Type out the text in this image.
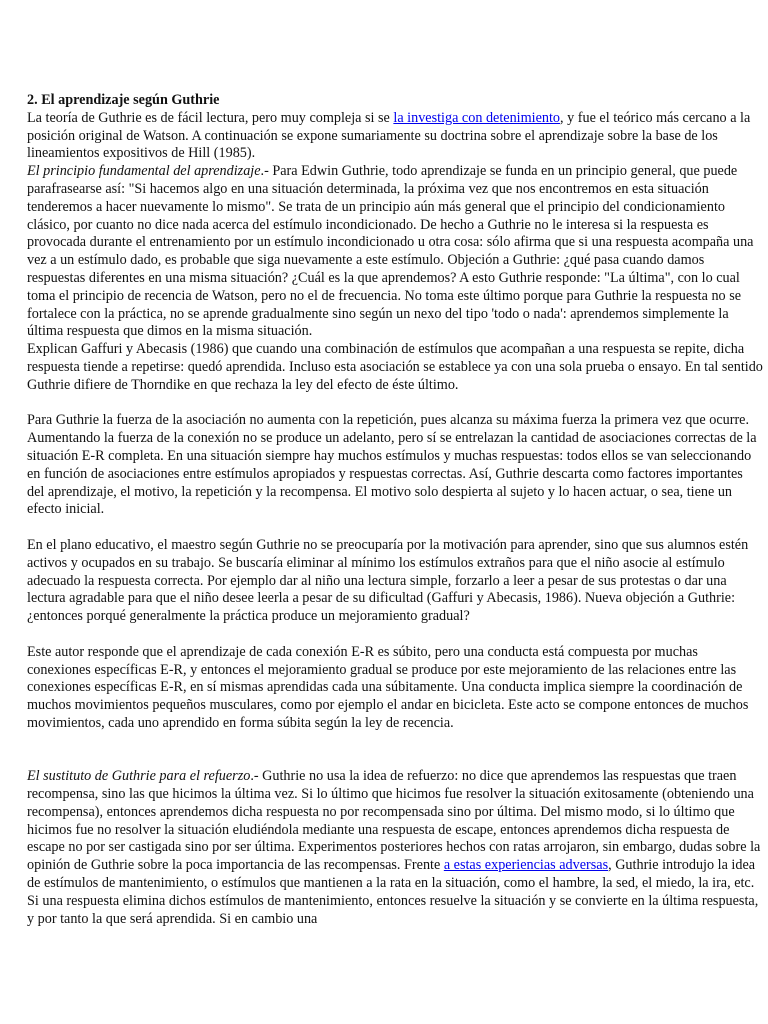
2. El aprendizaje según Guthrie

La teoría de Guthrie es de fácil lectura, pero muy compleja si se la investiga con detenimiento, y fue el teórico más cercano a la posición original de Watson. A continuación se expone sumariamente su doctrina sobre el aprendizaje sobre la base de los lineamientos expositivos de Hill (1985).

El principio fundamental del aprendizaje.- Para Edwin Guthrie, todo aprendizaje se funda en un principio general, que puede parafrasearse así: "Si hacemos algo en una situación determinada, la próxima vez que nos encontremos en esta situación tenderemos a hacer nuevamente lo mismo". Se trata de un principio aún más general que el principio del condicionamiento clásico, por cuanto no dice nada acerca del estímulo incondicionado. De hecho a Guthrie no le interesa si la respuesta es provocada durante el entrenamiento por un estímulo incondicionado u otra cosa: sólo afirma que si una respuesta acompaña una vez a un estímulo dado, es probable que siga nuevamente a este estímulo. Objeción a Guthrie: ¿qué pasa cuando damos respuestas diferentes en una misma situación? ¿Cuál es la que aprendemos? A esto Guthrie responde: "La última", con lo cual toma el principio de recencia de Watson, pero no el de frecuencia. No toma este último porque para Guthrie la respuesta no se fortalece con la práctica, no se aprende gradualmente sino según un nexo del tipo 'todo o nada': aprendemos simplemente la última respuesta que dimos en la misma situación.

Explican Gaffuri y Abecasis (1986) que cuando una combinación de estímulos que acompañan a una respuesta se repite, dicha respuesta tiende a repetirse: quedó aprendida. Incluso esta asociación se establece ya con una sola prueba o ensayo. En tal sentido Guthrie difiere de Thorndike en que rechaza la ley del efecto de éste último.

Para Guthrie la fuerza de la asociación no aumenta con la repetición, pues alcanza su máxima fuerza la primera vez que ocurre. Aumentando la fuerza de la conexión no se produce un adelanto, pero sí se entrelazan la cantidad de asociaciones correctas de la situación E-R completa. En una situación siempre hay muchos estímulos y muchas respuestas: todos ellos se van seleccionando en función de asociaciones entre estímulos apropiados y respuestas correctas. Así, Guthrie descarta como factores importantes del aprendizaje, el motivo, la repetición y la recompensa. El motivo solo despierta al sujeto y lo hacen actuar, o sea, tiene un efecto inicial.

En el plano educativo, el maestro según Guthrie no se preocuparía por la motivación para aprender, sino que sus alumnos estén activos y ocupados en su trabajo. Se buscaría eliminar al mínimo los estímulos extraños para que el niño asocie al estímulo adecuado la respuesta correcta. Por ejemplo dar al niño una lectura simple, forzarlo a leer a pesar de sus protestas o dar una lectura agradable para que el niño desee leerla a pesar de su dificultad (Gaffuri y Abecasis, 1986). Nueva objeción a Guthrie: ¿entonces porqué generalmente la práctica produce un mejoramiento gradual?

Este autor responde que el aprendizaje de cada conexión E-R es súbito, pero una conducta está compuesta por muchas conexiones específicas E-R, y entonces el mejoramiento gradual se produce por este mejoramiento de las relaciones entre las conexiones específicas E-R, en sí mismas aprendidas cada una súbitamente. Una conducta implica siempre la coordinación de muchos movimientos pequeños musculares, como por ejemplo el andar en bicicleta. Este acto se compone entonces de muchos movimientos, cada uno aprendido en forma súbita según la ley de recencia.

El sustituto de Guthrie para el refuerzo.- Guthrie no usa la idea de refuerzo: no dice que aprendemos las respuestas que traen recompensa, sino las que hicimos la última vez. Si lo último que hicimos fue resolver la situación exitosamente (obteniendo una recompensa), entonces aprendemos dicha respuesta no por recompensada sino por última. Del mismo modo, si lo último que hicimos fue no resolver la situación eludiéndola mediante una respuesta de escape, entonces aprendemos dicha respuesta de escape no por ser castigada sino por ser última. Experimentos posteriores hechos con ratas arrojaron, sin embargo, dudas sobre la opinión de Guthrie sobre la poca importancia de las recompensas. Frente a estas experiencias adversas, Guthrie introdujo la idea de estímulos de mantenimiento, o estímulos que mantienen a la rata en la situación, como el hambre, la sed, el miedo, la ira, etc. Si una respuesta elimina dichos estímulos de mantenimiento, entonces resuelve la situación y se convierte en la última respuesta, y por tanto la que será aprendida. Si en cambio una
